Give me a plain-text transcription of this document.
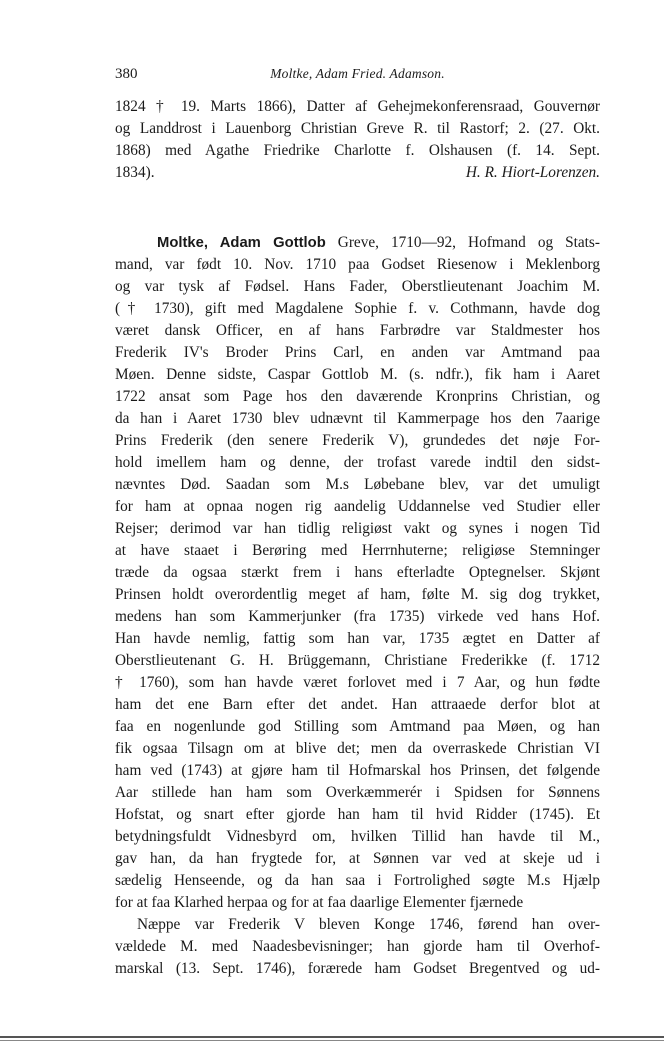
380	Moltke, Adam Fried. Adamson.
1824 † 19. Marts 1866), Datter af Gehejmekonferensraad, Gouvernør
og Landdrost i Lauenborg Christian Greve R. til Rastorf; 2. (27. Okt.
1868) med Agathe Friedrike Charlotte f. Olshausen (f. 14. Sept.
1834).	H. R. Hiort-Lorenzen.
Moltke, Adam Gottlob Greve, 1710—92, Hofmand og Stats-
mand, var født 10. Nov. 1710 paa Godset Riesenow i Meklenborg
og var tysk af Fødsel. Hans Fader, Oberstlieutenant Joachim M.
(† 1730), gift med Magdalene Sophie f. v. Cothmann, havde dog
været dansk Officer, en af hans Farbrødre var Staldmester hos
Frederik IV's Broder Prins Carl, en anden var Amtmand paa
Møen. Denne sidste, Caspar Gottlob M. (s. ndfr.), fik ham i Aaret
1722 ansat som Page hos den daværende Kronprins Christian, og
da han i Aaret 1730 blev udnævnt til Kammerpage hos den 7aarige
Prins Frederik (den senere Frederik V), grundedes det nøje For-
hold imellem ham og denne, der trofast varede indtil den sidst-
nævntes Død. Saadan som M.s Løbebane blev, var det umuligt
for ham at opnaa nogen rig aandelig Uddannelse ved Studier eller
Rejser; derimod var han tidlig religiøst vakt og synes i nogen Tid
at have staaet i Berøring med Herrnhuterne; religiøse Stemninger
træde da ogsaa stærkt frem i hans efterladte Optegnelser. Skjønt
Prinsen holdt overordentlig meget af ham, følte M. sig dog trykket,
medens han som Kammerjunker (fra 1735) virkede ved hans Hof.
Han havde nemlig, fattig som han var, 1735 ægtet en Datter af
Oberstlieutenant G. H. Brüggemann, Christiane Frederikke (f. 1712
† 1760), som han havde været forlovet med i 7 Aar, og hun fødte
ham det ene Barn efter det andet. Han attraaede derfor blot at
faa en nogenlunde god Stilling som Amtmand paa Møen, og han
fik ogsaa Tilsagn om at blive det; men da overraskede Christian VI
ham ved (1743) at gjøre ham til Hofmarskal hos Prinsen, det følgende
Aar stillede han ham som Overkæmmerér i Spidsen for Sønnens
Hofstat, og snart efter gjorde han ham til hvid Ridder (1745). Et
betydningsfuldt Vidnesbyrd om, hvilken Tillid han havde til M.,
gav han, da han frygtede for, at Sønnen var ved at skeje ud i
sædelig Henseende, og da han saa i Fortrolighed søgte M.s Hjælp
for at faa Klarhed herpaa og for at faa daarlige Elementer fjærnede
Næppe var Frederik V bleven Konge 1746, førend han over-
vældede M. med Naadesbevisninger; han gjorde ham til Overhof-
marskal (13. Sept. 1746), forærede ham Godset Bregentved og ud-
